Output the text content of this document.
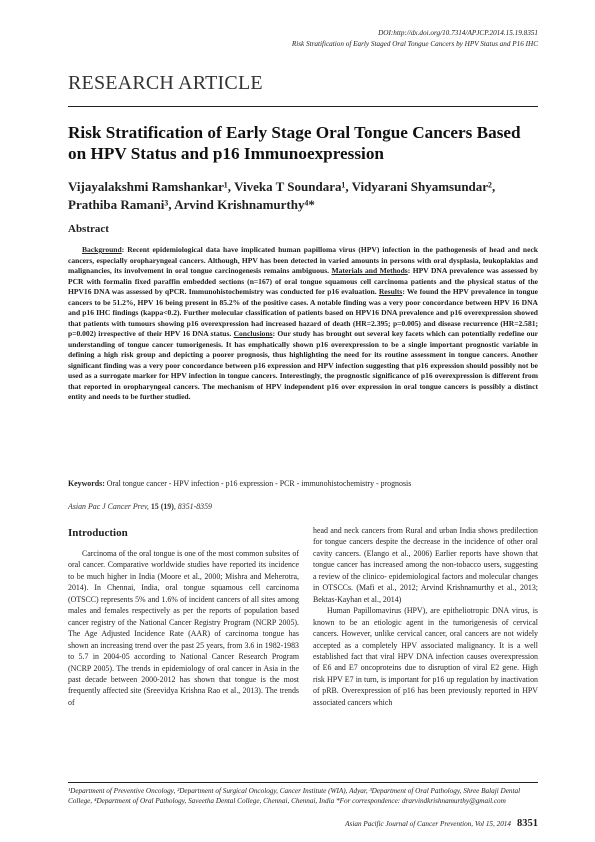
DOI:http://dx.doi.org/10.7314/APJCP.2014.15.19.8351
Risk Stratification of Early Staged Oral Tongue Cancers by HPV Status and P16 IHC
RESEARCH ARTICLE
Risk Stratification of Early Stage Oral Tongue Cancers Based on HPV Status and p16 Immunoexpression
Vijayalakshmi Ramshankar¹, Viveka T Soundara¹, Vidyarani Shyamsundar², Prathiba Ramani³, Arvind Krishnamurthy⁴*
Abstract

Background: Recent epidemiological data have implicated human papilloma virus (HPV) infection in the pathogenesis of head and neck cancers, especially oropharyngeal cancers. Although, HPV has been detected in varied amounts in persons with oral dysplasia, leukoplakias and malignancies, its involvement in oral tongue carcinogenesis remains ambiguous. Materials and Methods: HPV DNA prevalence was assessed by PCR with formalin fixed paraffin embedded sections (n=167) of oral tongue squamous cell carcinoma patients and the physical status of the HPV16 DNA was assessed by qPCR. Immunohistochemistry was conducted for p16 evaluation. Results: We found the HPV prevalence in tongue cancers to be 51.2%, HPV 16 being present in 85.2% of the positive cases. A notable finding was a very poor concordance between HPV 16 DNA and p16 IHC findings (kappa<0.2). Further molecular classification of patients based on HPV16 DNA prevalence and p16 overexpression showed that patients with tumours showing p16 overexpression had increased hazard of death (HR=2.395; p=0.005) and disease recurrence (HR=2.581; p=0.002) irrespective of their HPV 16 DNA status. Conclusions: Our study has brought out several key facets which can potentially redefine our understanding of tongue cancer tumorigenesis. It has emphatically shown p16 overexpression to be a single important prognostic variable in defining a high risk group and depicting a poorer prognosis, thus highlighting the need for its routine assessment in tongue cancers. Another significant finding was a very poor concordance between p16 expression and HPV infection suggesting that p16 expression should possibly not be used as a surrogate marker for HPV infection in tongue cancers. Interestingly, the prognostic significance of p16 overexpression is different from that reported in oropharyngeal cancers. The mechanism of HPV independent p16 over expression in oral tongue cancers is possibly a distinct entity and needs to be further studied.

Keywords: Oral tongue cancer - HPV infection - p16 expression - PCR - immunohistochemistry - prognosis
Asian Pac J Cancer Prev, 15 (19), 8351-8359
Introduction

Carcinoma of the oral tongue is one of the most common subsites of oral cancer. Comparative worldwide studies have reported its incidence to be much higher in India (Moore et al., 2000; Mishra and Meherotra, 2014). In Chennai, India, oral tongue squamous cell carcinoma (OTSCC) represents 5% and 1.6% of incident cancers of all sites among males and females respectively as per the reports of population based cancer registry of the National Cancer Registry Program (NCRP 2005). The Age Adjusted Incidence Rate (AAR) of carcinoma tongue has shown an increasing trend over the past 25 years, from 3.6 in 1982-1983 to 5.7 in 2004-05 according to National Cancer Research Program (NCRP 2005). The trends in epidemiology of oral cancer in Asia in the past decade between 2000-2012 has shown that tongue is the most frequently affected site (Sreevidya Krishna Rao et al., 2013). The trends of

head and neck cancers from Rural and urban India shows predilection for tongue cancers despite the decrease in the incidence of other oral cavity cancers. (Elango et al., 2006) Earlier reports have shown that tongue cancer has increased among the non-tobacco users, suggesting a review of the clinico- epidemiological factors and molecular changes in OTSCCs. (Mafi et al., 2012; Arvind Krishnamurthy et al., 2013; Bektas-Kayhan et al., 2014)

Human Papillomavirus (HPV), are epitheliotropic DNA virus, is known to be an etiologic agent in the tumorigenesis of cervical cancers. However, unlike cervical cancer, oral cancers are not widely accepted as a completely HPV associated malignancy. It is a well established fact that viral HPV DNA infection causes overexpression of E6 and E7 oncoproteins due to disruption of viral E2 gene. High risk HPV E7 in turn, is important for p16 up regulation by inactivation of pRB. Overexpression of p16 has been previously reported in HPV associated cancers which

¹Department of Preventive Oncology, ²Department of Surgical Oncology, Cancer Institute (WIA), Adyar, ³Department of Oral Pathology, Shree Balaji Dental College, ⁴Department of Oral Pathology, Saveetha Dental College, Chennai, Chennai, India *For correspondence: drarvindkrishnamurthy@gmail.com
Asian Pacific Journal of Cancer Prevention, Vol 15, 2014 8351
